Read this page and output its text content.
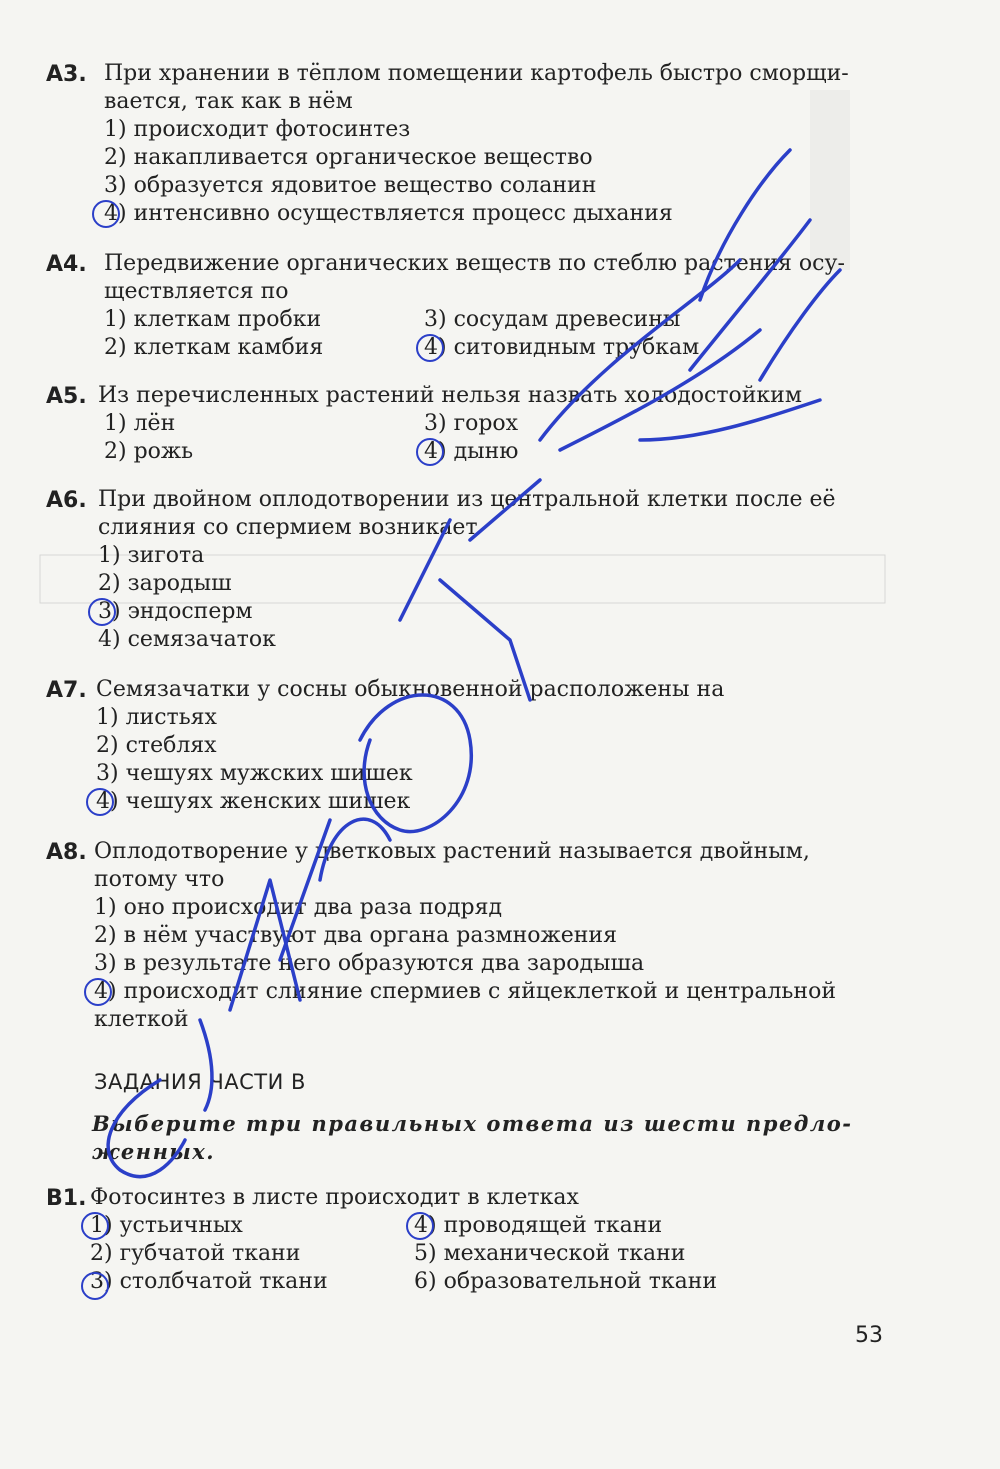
A3. При хранении в тёплом помещении картофель быстро сморщи-
вается, так как в нём
1) происходит фотосинтез
2) накапливается органическое вещество
3) образуется ядовитое вещество соланин
4) интенсивно осуществляется процесс дыхания
A4. Передвижение органических веществ по стеблю растения осу-
ществляется по
1) клеткам пробки	3) сосудам древесины
2) клеткам камбия	4) ситовидным трубкам
A5. Из перечисленных растений нельзя назвать холодостойким
1) лён	3) горох
2) рожь	4) дыню
A6. При двойном оплодотворении из центральной клетки после её
слияния со спермием возникает
1) зигота
2) зародыш
3) эндосперм
4) семязачаток
A7. Семязачатки у сосны обыкновенной расположены на
1) листьях
2) стеблях
3) чешуях мужских шишек
4) чешуях женских шишек
A8. Оплодотворение у цветковых растений называется двойным,
потому что
1) оно происходит два раза подряд
2) в нём участвуют два органа размножения
3) в результате него образуются два зародыша
4) происходит слияние спермиев с яйцеклеткой и центральной
клеткой
ЗАДАНИЯ ЧАСТИ В
Выберите три правильных ответа из шести предло-
женных.
B1. Фотосинтез в листе происходит в клетках
1) устьичных	4) проводящей ткани
2) губчатой ткани	5) механической ткани
3) столбчатой ткани	6) образовательной ткани
53
